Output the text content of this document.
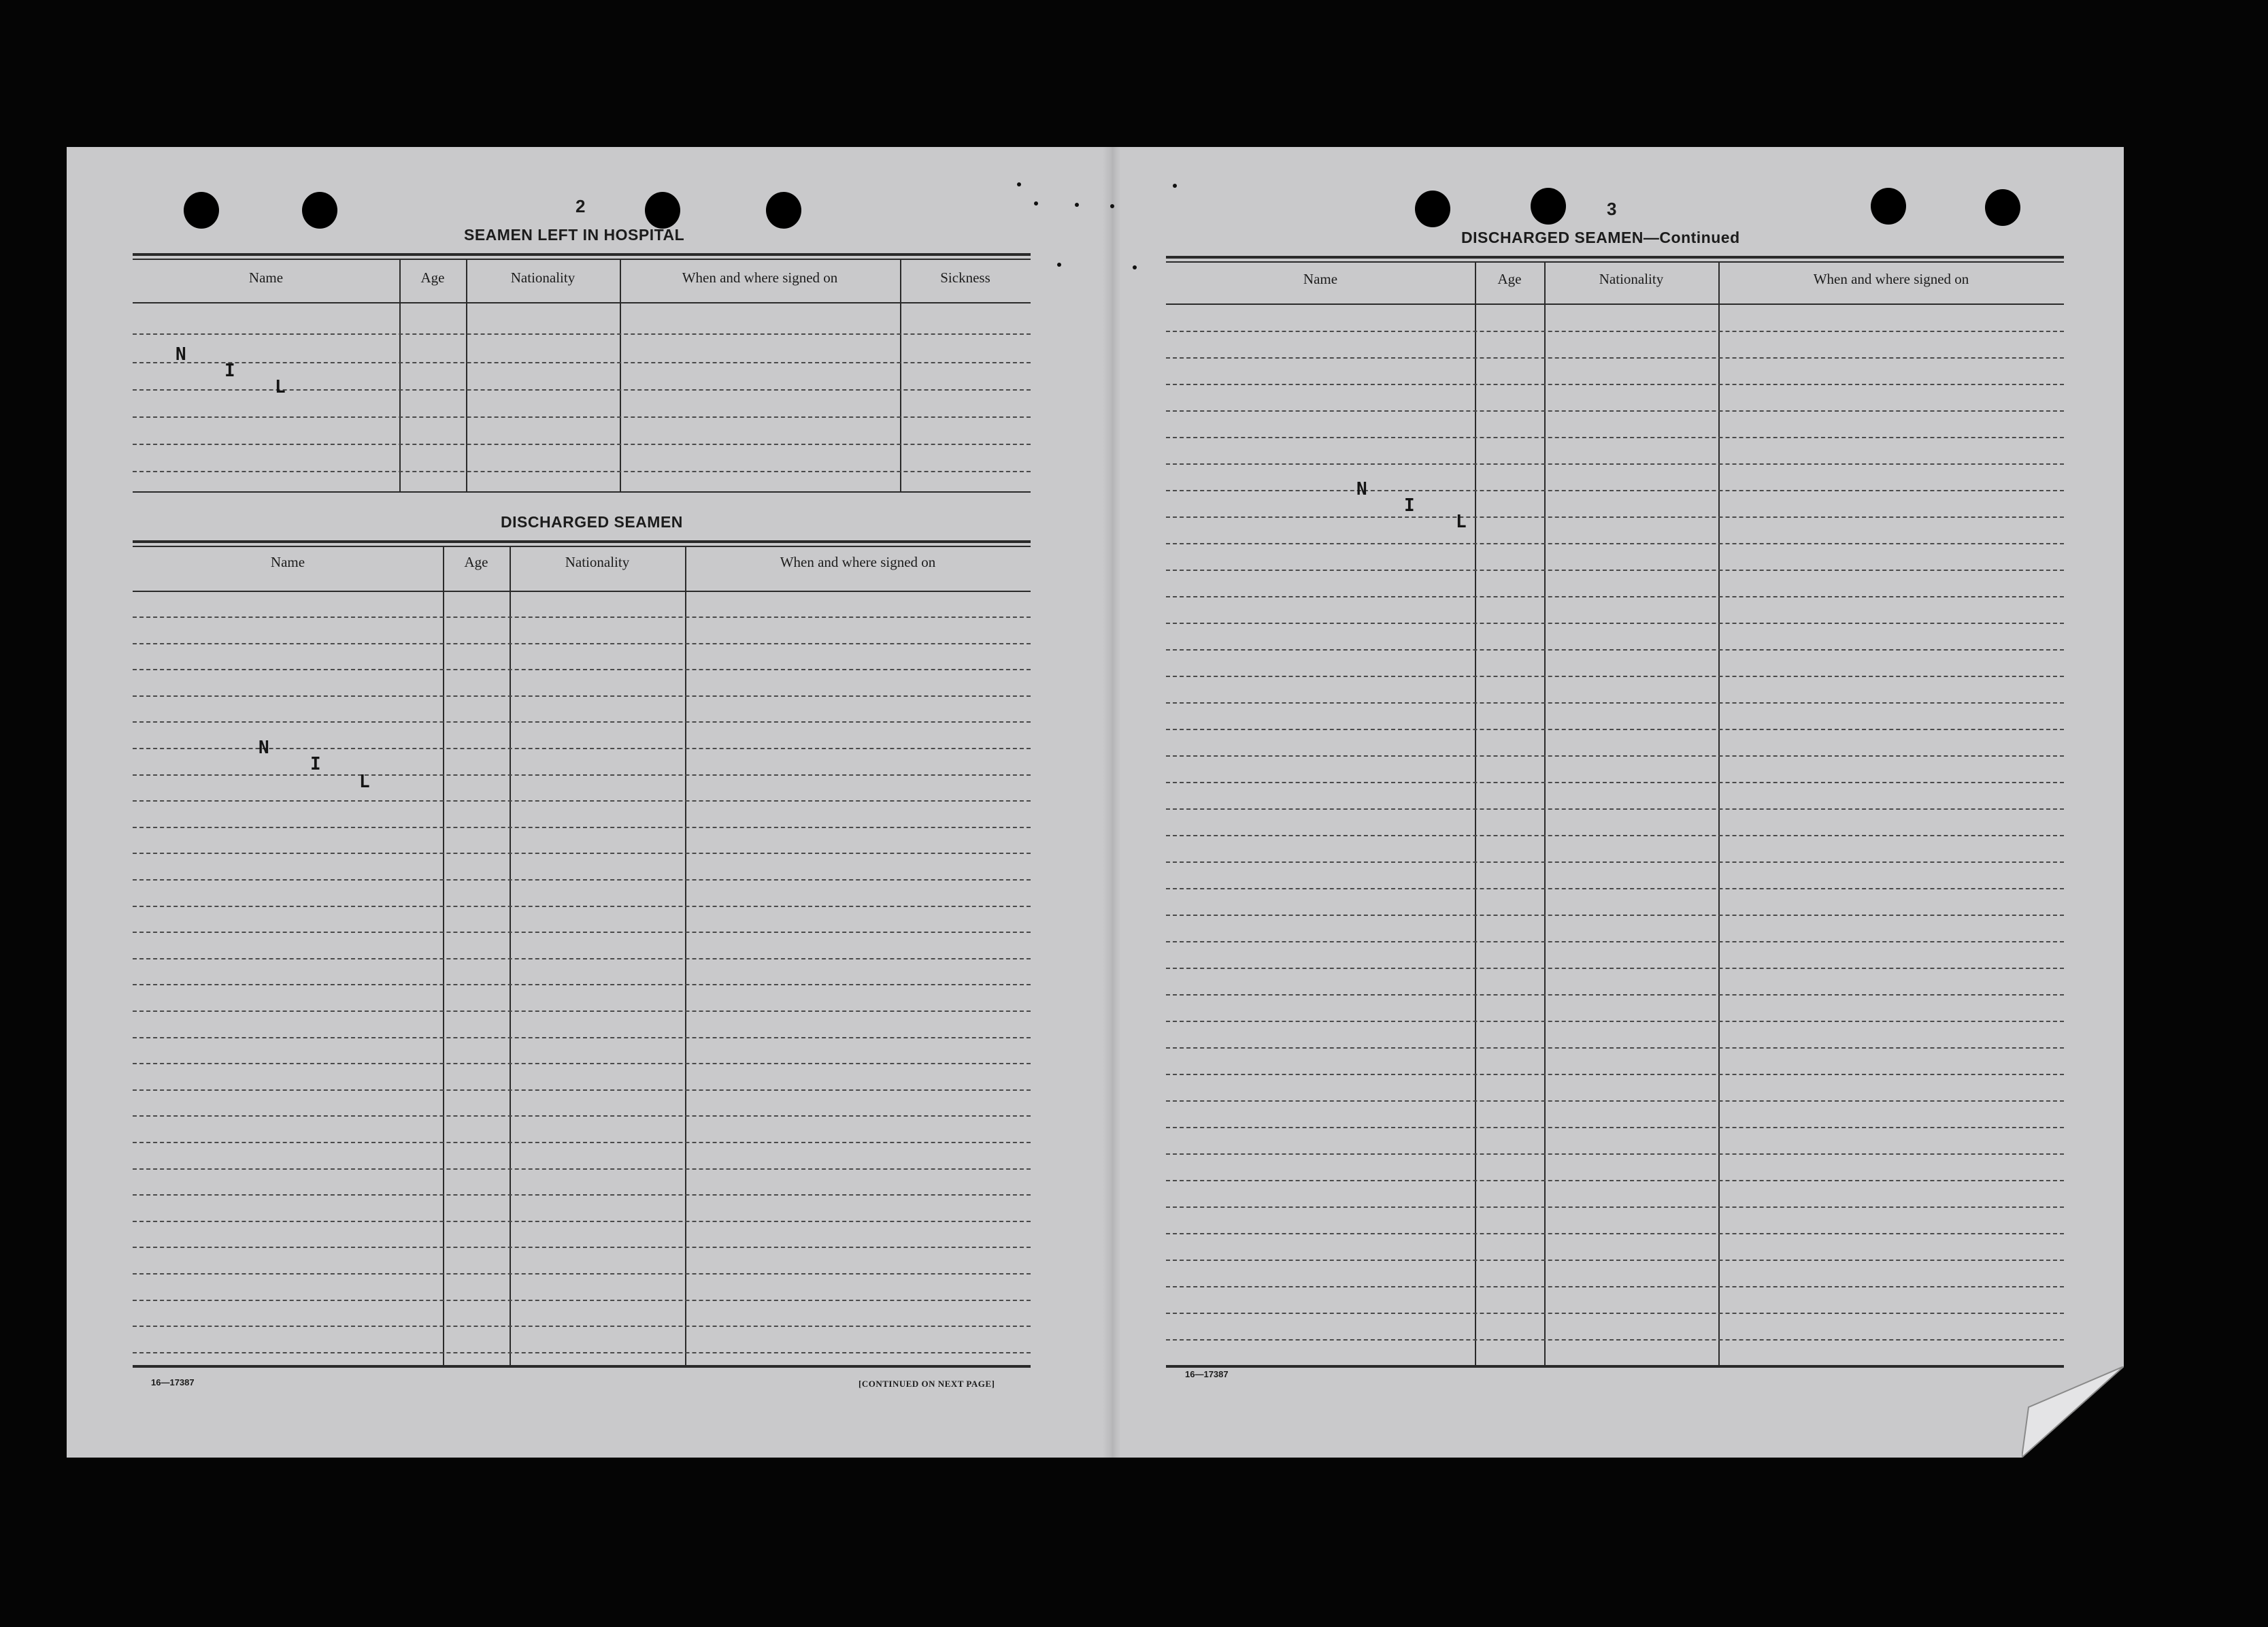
2
SEAMEN LEFT IN HOSPITAL
Name	Age	Nationality	When and where signed on	Sickness
N
I
L
DISCHARGED SEAMEN
Name	Age	Nationality	When and where signed on
N
I
L
16—17387	[CONTINUED ON NEXT PAGE]
3
DISCHARGED SEAMEN—Continued
Name	Age	Nationality	When and where signed on
N
I
L
16—17387
